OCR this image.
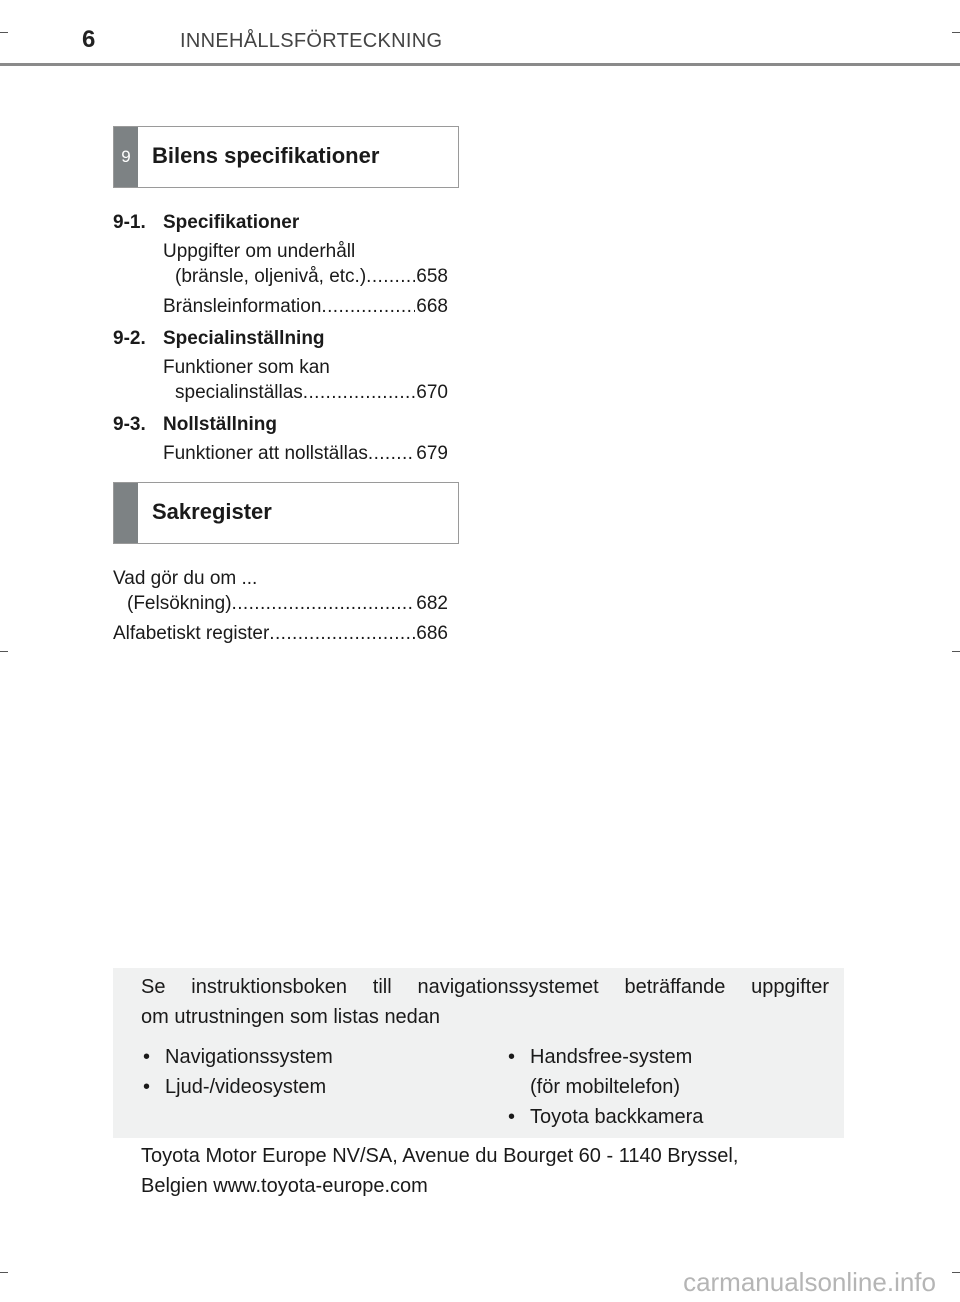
6	INNEHÅLLSFÖRTECKNING
9 Bilens specifikationer
9-1. Specifikationer
Uppgifter om underhåll
(bränsle, oljenivå, etc.) .....	658
Bränsleinformation .....	668
9-2. Specialinställning
Funktioner som kan
specialinställas .....	670
9-3. Nollställning
Funktioner att nollställas .....	679
Sakregister
Vad gör du om ...
(Felsökning) .....	682
Alfabetiskt register .....	686
Se instruktionsboken till navigationssystemet beträffande uppgifter
om utrustningen som listas nedan
• Navigationssystem
• Ljud-/videosystem
• Handsfree-system
(för mobiltelefon)
• Toyota backkamera
Toyota Motor Europe NV/SA, Avenue du Bourget 60 - 1140 Bryssel,
Belgien www.toyota-europe.com
carmanualsonline.info
